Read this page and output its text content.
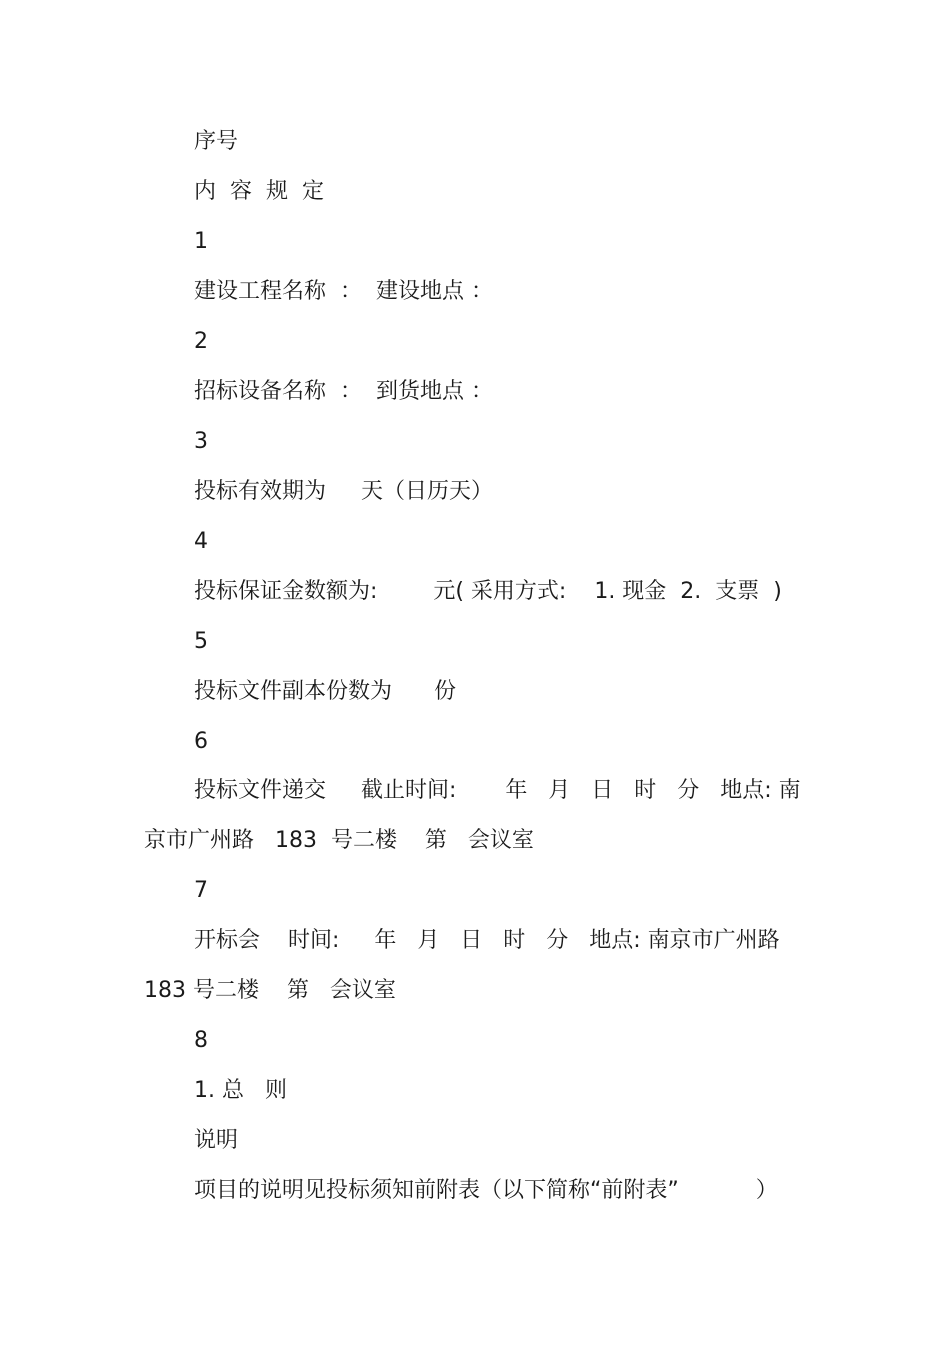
序号

内  容  规  定

1

建设工程名称  ：  建设地点 ：

2

招标设备名称  ：  到货地点 ：

3

投标有效期为     天（日历天）

4

投标保证金数额为:        元( 采用方式:    1. 现金  2.  支票  )

5

投标文件副本份数为      份

6

投标文件递交     截止时间:       年   月   日   时   分   地点: 南

京市广州路   183  号二楼    第   会议室

7

开标会    时间:     年   月   日   时   分   地点: 南京市广州路

183 号二楼    第   会议室

8

1. 总   则

说明

项目的说明见投标须知前附表（以下简称“前附表”           ）
